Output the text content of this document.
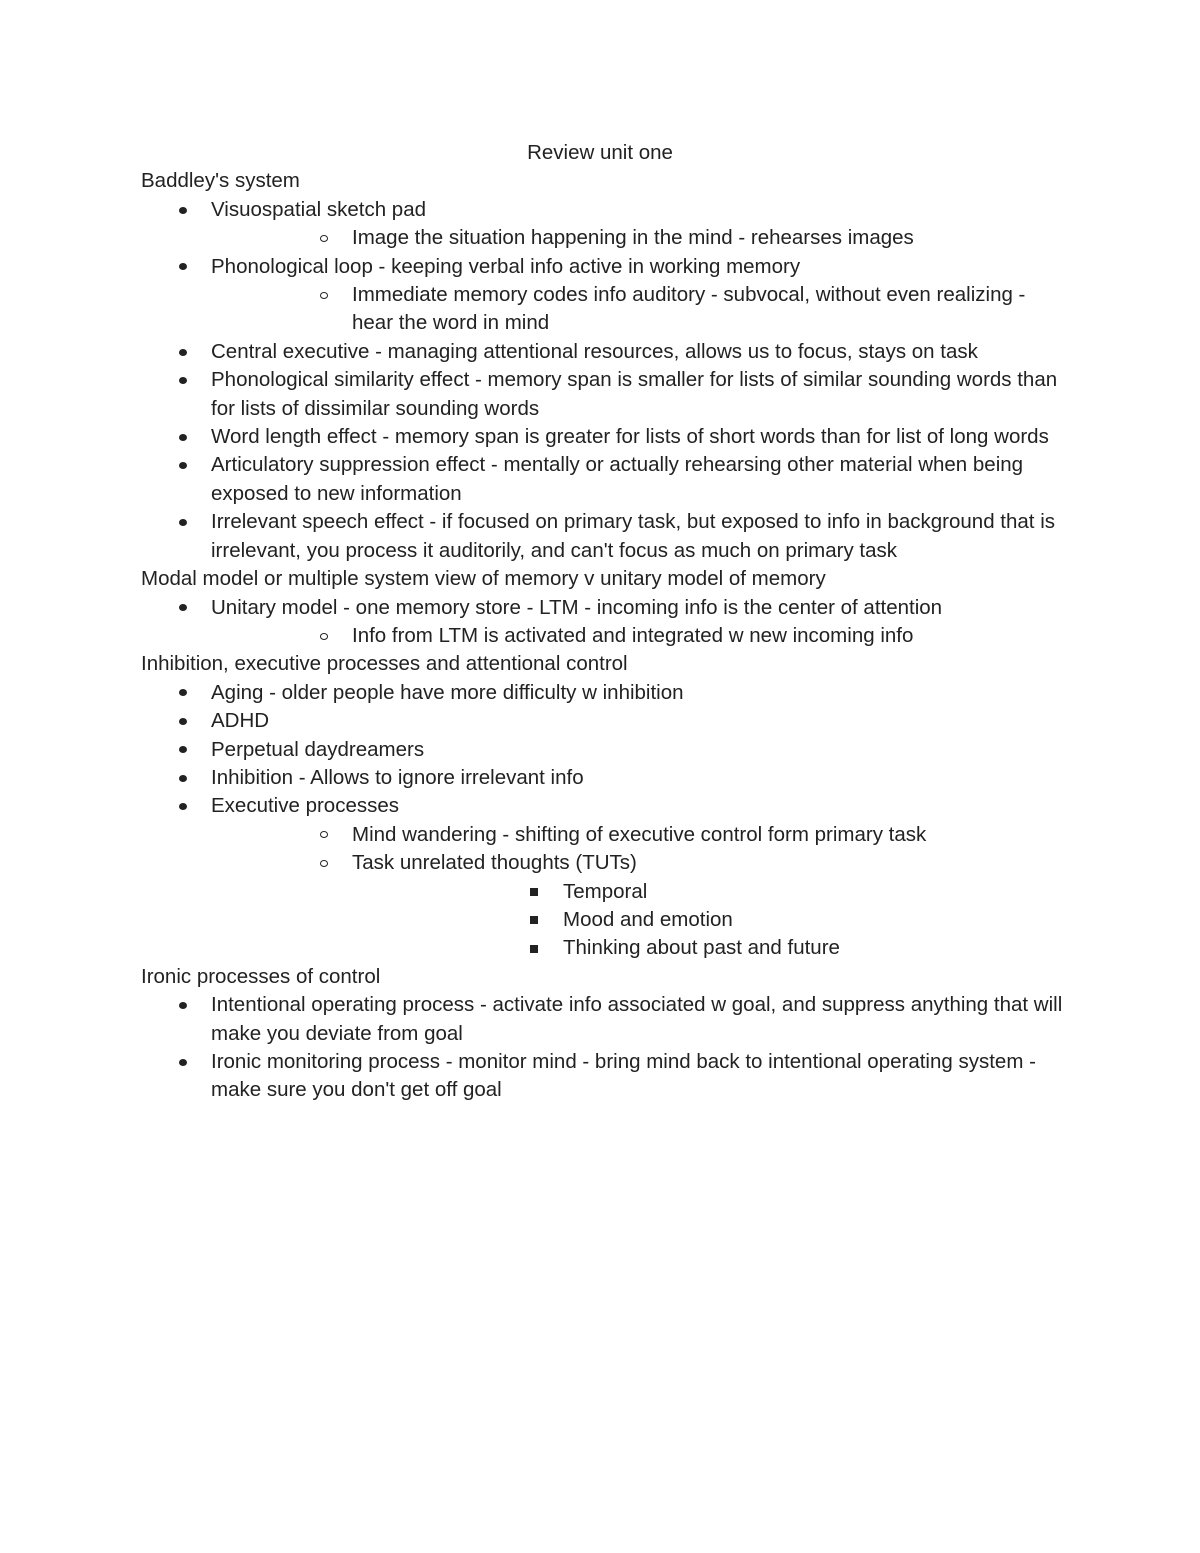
Review unit one
Baddley's system
Visuospatial sketch pad
Image the situation happening in the mind - rehearses images
Phonological loop - keeping verbal info active in working memory
Immediate memory codes info auditory - subvocal, without even realizing - hear the word in mind
Central executive - managing attentional resources, allows us to focus, stays on task
Phonological similarity effect - memory span is smaller for lists of similar sounding words than for lists of dissimilar sounding words
Word length effect - memory span is greater for lists of short words than for list of long words
Articulatory suppression effect - mentally or actually rehearsing other material when being exposed to new information
Irrelevant speech effect - if focused on primary task, but exposed to info in background that is irrelevant, you process it auditorily, and can't focus as much on primary task
Modal model or multiple system view of memory v unitary model of memory
Unitary model - one memory store - LTM - incoming info is the center of attention
Info from LTM is activated and integrated w new incoming info
Inhibition, executive processes and attentional control
Aging - older people have more difficulty w inhibition
ADHD
Perpetual daydreamers
Inhibition - Allows to ignore irrelevant info
Executive processes
Mind wandering - shifting of executive control form primary task
Task unrelated thoughts (TUTs)
Temporal
Mood and emotion
Thinking about past and future
Ironic processes of control
Intentional operating process - activate info associated w goal, and suppress anything that will make you deviate from goal
Ironic monitoring process - monitor mind - bring mind back to intentional operating system - make sure you don't get off goal
